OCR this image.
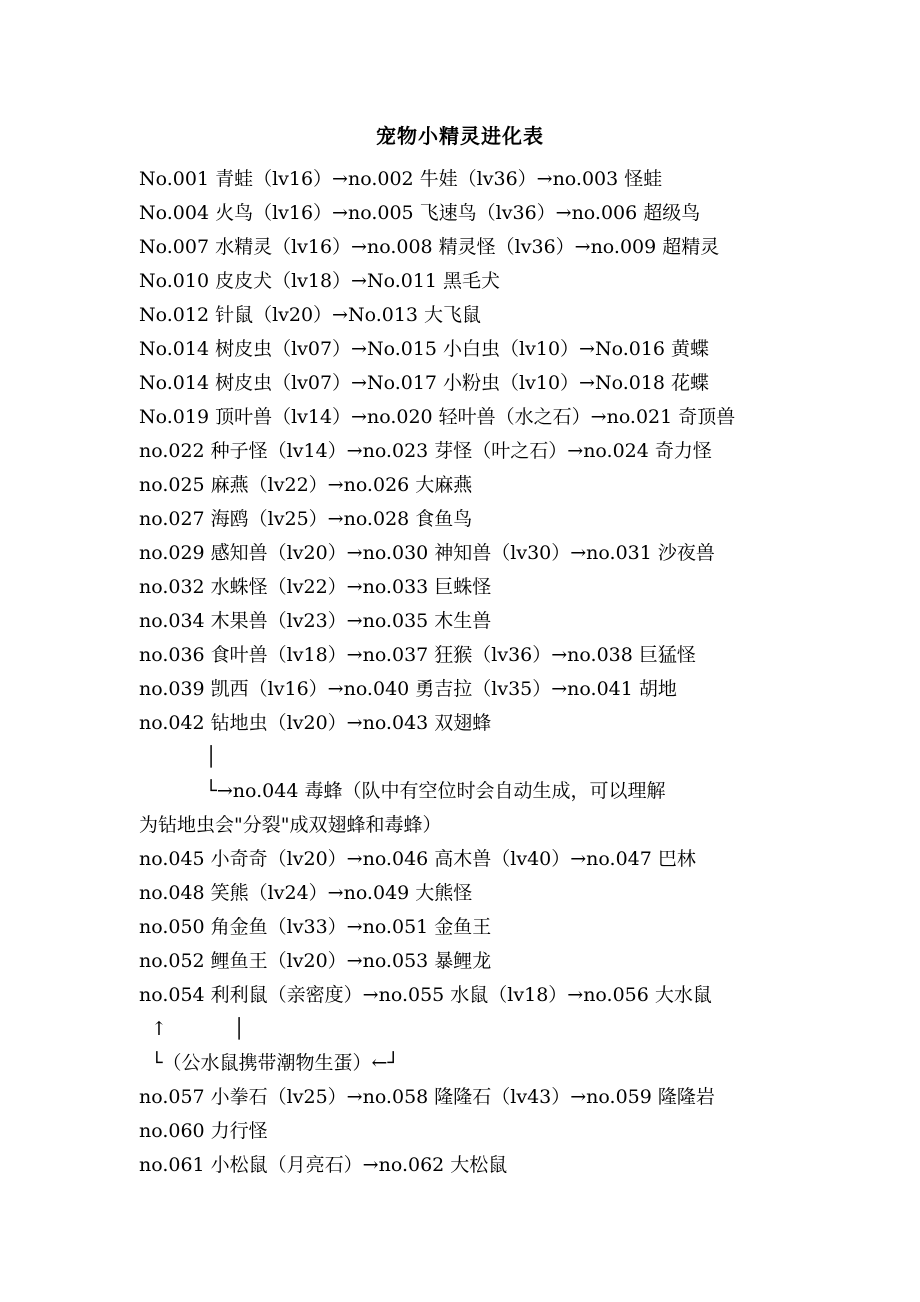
宠物小精灵进化表
No.001 青蛙（lv16）→no.002 牛娃（lv36）→no.003 怪蛙
No.004 火鸟（lv16）→no.005 飞速鸟（lv36）→no.006 超级鸟
No.007 水精灵（lv16）→no.008 精灵怪（lv36）→no.009 超精灵
No.010 皮皮犬（lv18）→No.011 黑毛犬
No.012 针鼠（lv20）→No.013 大飞鼠
No.014 树皮虫（lv07）→No.015 小白虫（lv10）→No.016 黄蝶
No.014 树皮虫（lv07）→No.017 小粉虫（lv10）→No.018 花蝶
No.019 顶叶兽（lv14）→no.020 轻叶兽（水之石）→no.021 奇顶兽
no.022 种子怪（lv14）→no.023 芽怪（叶之石）→no.024 奇力怪
no.025 麻燕（lv22）→no.026 大麻燕
no.027 海鸥（lv25）→no.028 食鱼鸟
no.029 感知兽（lv20）→no.030 神知兽（lv30）→no.031 沙夜兽
no.032 水蛛怪（lv22）→no.033 巨蛛怪
no.034 木果兽（lv23）→no.035 木生兽
no.036 食叶兽（lv18）→no.037 狂猴（lv36）→no.038 巨猛怪
no.039 凯西（lv16）→no.040 勇吉拉（lv35）→no.041 胡地
no.042 钻地虫（lv20）→no.043 双翅蜂
│
└→no.044 毒蜂（队中有空位时会自动生成，可以理解
为钻地虫会"分裂"成双翅蜂和毒蜂）
no.045 小奇奇（lv20）→no.046 高木兽（lv40）→no.047 巴林
no.048 笑熊（lv24）→no.049 大熊怪
no.050 角金鱼（lv33）→no.051 金鱼王
no.052 鲤鱼王（lv20）→no.053 暴鲤龙
no.054 利利鼠（亲密度）→no.055 水鼠（lv18）→no.056 大水鼠
↑           │
└（公水鼠携带潮物生蛋）←┘
no.057 小拳石（lv25）→no.058 隆隆石（lv43）→no.059 隆隆岩
no.060 力行怪
no.061 小松鼠（月亮石）→no.062 大松鼠
